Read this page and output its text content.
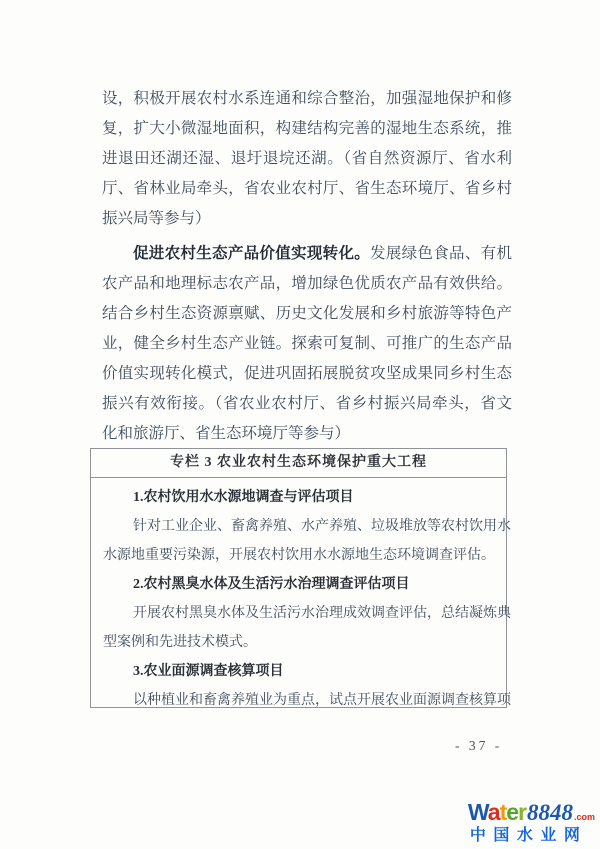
设，积极开展农村水系连通和综合整治，加强湿地保护和修
复，扩大小微湿地面积，构建结构完善的湿地生态系统，推
进退田还湖还湿、退圩退垸还湖。（省自然资源厅、省水利
厅、省林业局牵头，省农业农村厅、省生态环境厅、省乡村
振兴局等参与）
促进农村生态产品价值实现转化。发展绿色食品、有机
农产品和地理标志农产品，增加绿色优质农产品有效供给。
结合乡村生态资源禀赋、历史文化发展和乡村旅游等特色产
业，健全乡村生态产业链。探索可复制、可推广的生态产品
价值实现转化模式，促进巩固拓展脱贫攻坚成果同乡村生态
振兴有效衔接。（省农业农村厅、省乡村振兴局牵头，省文
化和旅游厅、省生态环境厅等参与）
专栏 3 农业农村生态环境保护重大工程
1.农村饮用水水源地调查与评估项目
针对工业企业、畜禽养殖、水产养殖、垃圾堆放等农村饮用水
水源地重要污染源，开展农村饮用水水源地生态环境调查评估。
2.农村黑臭水体及生活污水治理调查评估项目
开展农村黑臭水体及生活污水治理成效调查评估，总结凝炼典
型案例和先进技术模式。
3.农业面源调查核算项目
以种植业和畜禽养殖业为重点，试点开展农业面源调查核算项
- 37 -
Water 8848 .com
中国水业网
